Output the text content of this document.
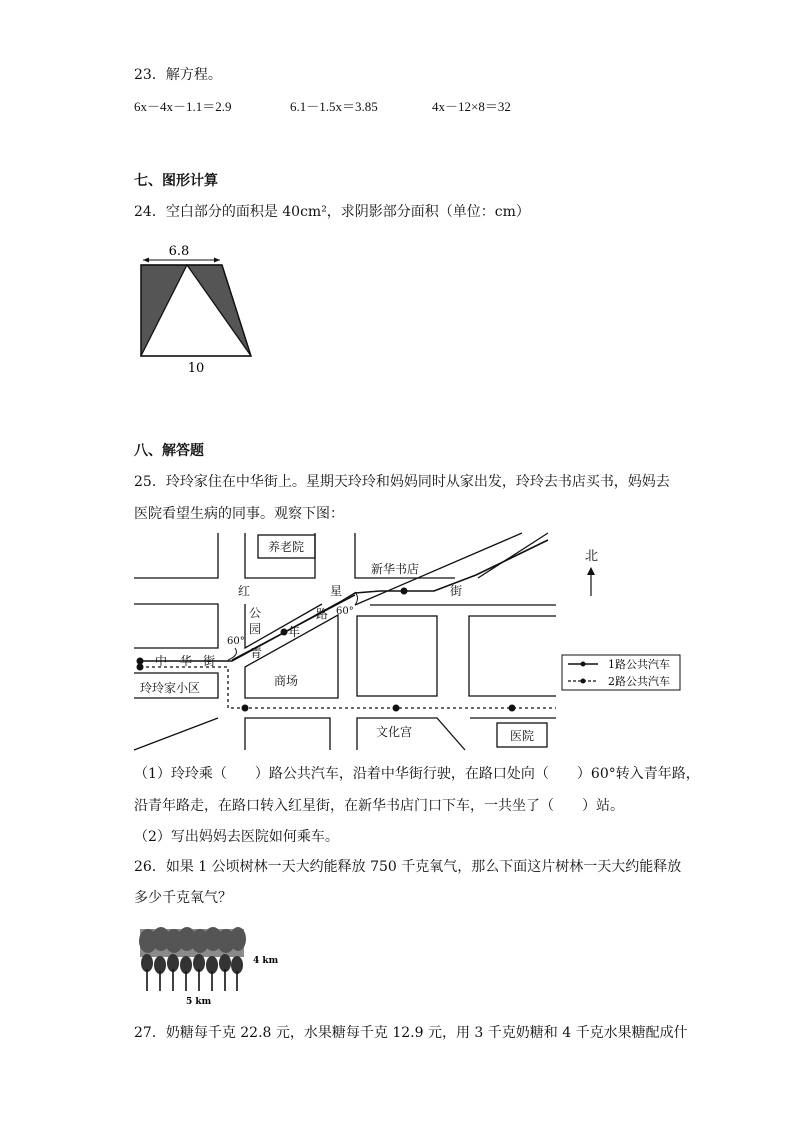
23．解方程。
6x－4x－1.1＝2.9	6.1－1.5x＝3.85	4x－12×8＝32
七、图形计算
24．空白部分的面积是 40cm²，求阴影部分面积（单位：cm）
6.8
10
八、解答题
25．玲玲家住在中华街上。星期天玲玲和妈妈同时从家出发，玲玲去书店买书，妈妈去
医院看望生病的同事。观察下图：
养老院
新华书店
街
红	星
路 60°
公
园 年
青
60°
中 华 街
玲玲家小区	商场
文化宫	医院
北
1路公共汽车
2路公共汽车
（1）玲玲乘（　　）路公共汽车，沿着中华街行驶，在路口处向（　　）60°转入青年路，
沿青年路走，在路口转入红星街，在新华书店门口下车，一共坐了（　　）站。
（2）写出妈妈去医院如何乘车。
26．如果 1 公顷树林一天大约能释放 750 千克氧气，那么下面这片树林一天大约能释放
多少千克氧气？
4 km
5 km
27．奶糖每千克 22.8 元，水果糖每千克 12.9 元，用 3 千克奶糖和 4 千克水果糖配成什
